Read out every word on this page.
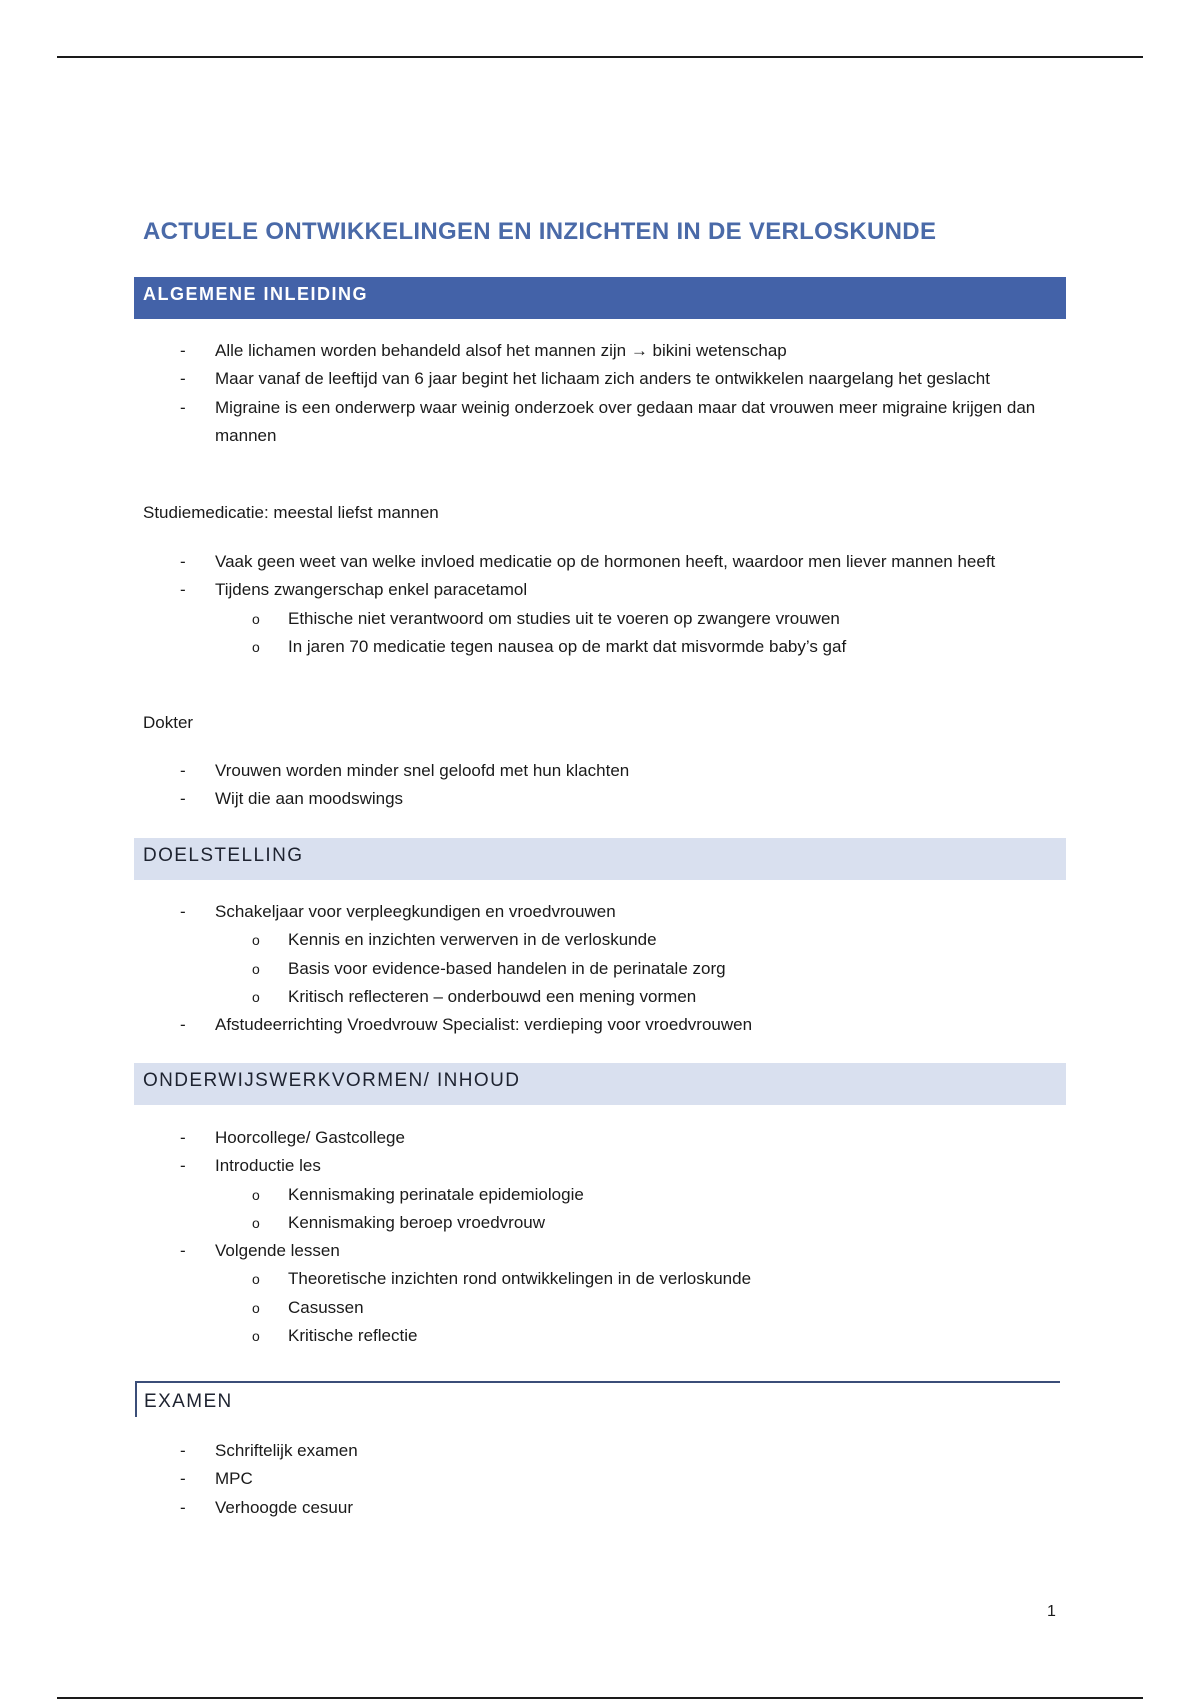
ACTUELE ONTWIKKELINGEN EN INZICHTEN IN DE VERLOSKUNDE
ALGEMENE INLEIDING
- Alle lichamen worden behandeld alsof het mannen zijn → bikini wetenschap
- Maar vanaf de leeftijd van 6 jaar begint het lichaam zich anders te ontwikkelen naargelang het geslacht
- Migraine is een onderwerp waar weinig onderzoek over gedaan maar dat vrouwen meer migraine krijgen dan mannen

Studiemedicatie: meestal liefst mannen

- Vaak geen weet van welke invloed medicatie op de hormonen heeft, waardoor men liever mannen heeft
- Tijdens zwangerschap enkel paracetamol
o Ethische niet verantwoord om studies uit te voeren op zwangere vrouwen
o In jaren 70 medicatie tegen nausea op de markt dat misvormde baby’s gaf

Dokter

- Vrouwen worden minder snel geloofd met hun klachten
- Wijt die aan moodswings
DOELSTELLING
- Schakeljaar voor verpleegkundigen en vroedvrouwen
o Kennis en inzichten verwerven in de verloskunde
o Basis voor evidence-based handelen in de perinatale zorg
o Kritisch reflecteren – onderbouwd een mening vormen
- Afstudeerrichting Vroedvrouw Specialist: verdieping voor vroedvrouwen
ONDERWIJSWERKVORMEN/ INHOUD
- Hoorcollege/ Gastcollege
- Introductie les
o Kennismaking perinatale epidemiologie
o Kennismaking beroep vroedvrouw
- Volgende lessen
o Theoretische inzichten rond ontwikkelingen in de verloskunde
o Casussen
o Kritische reflectie
EXAMEN
- Schriftelijk examen
- MPC
- Verhoogde cesuur
1
